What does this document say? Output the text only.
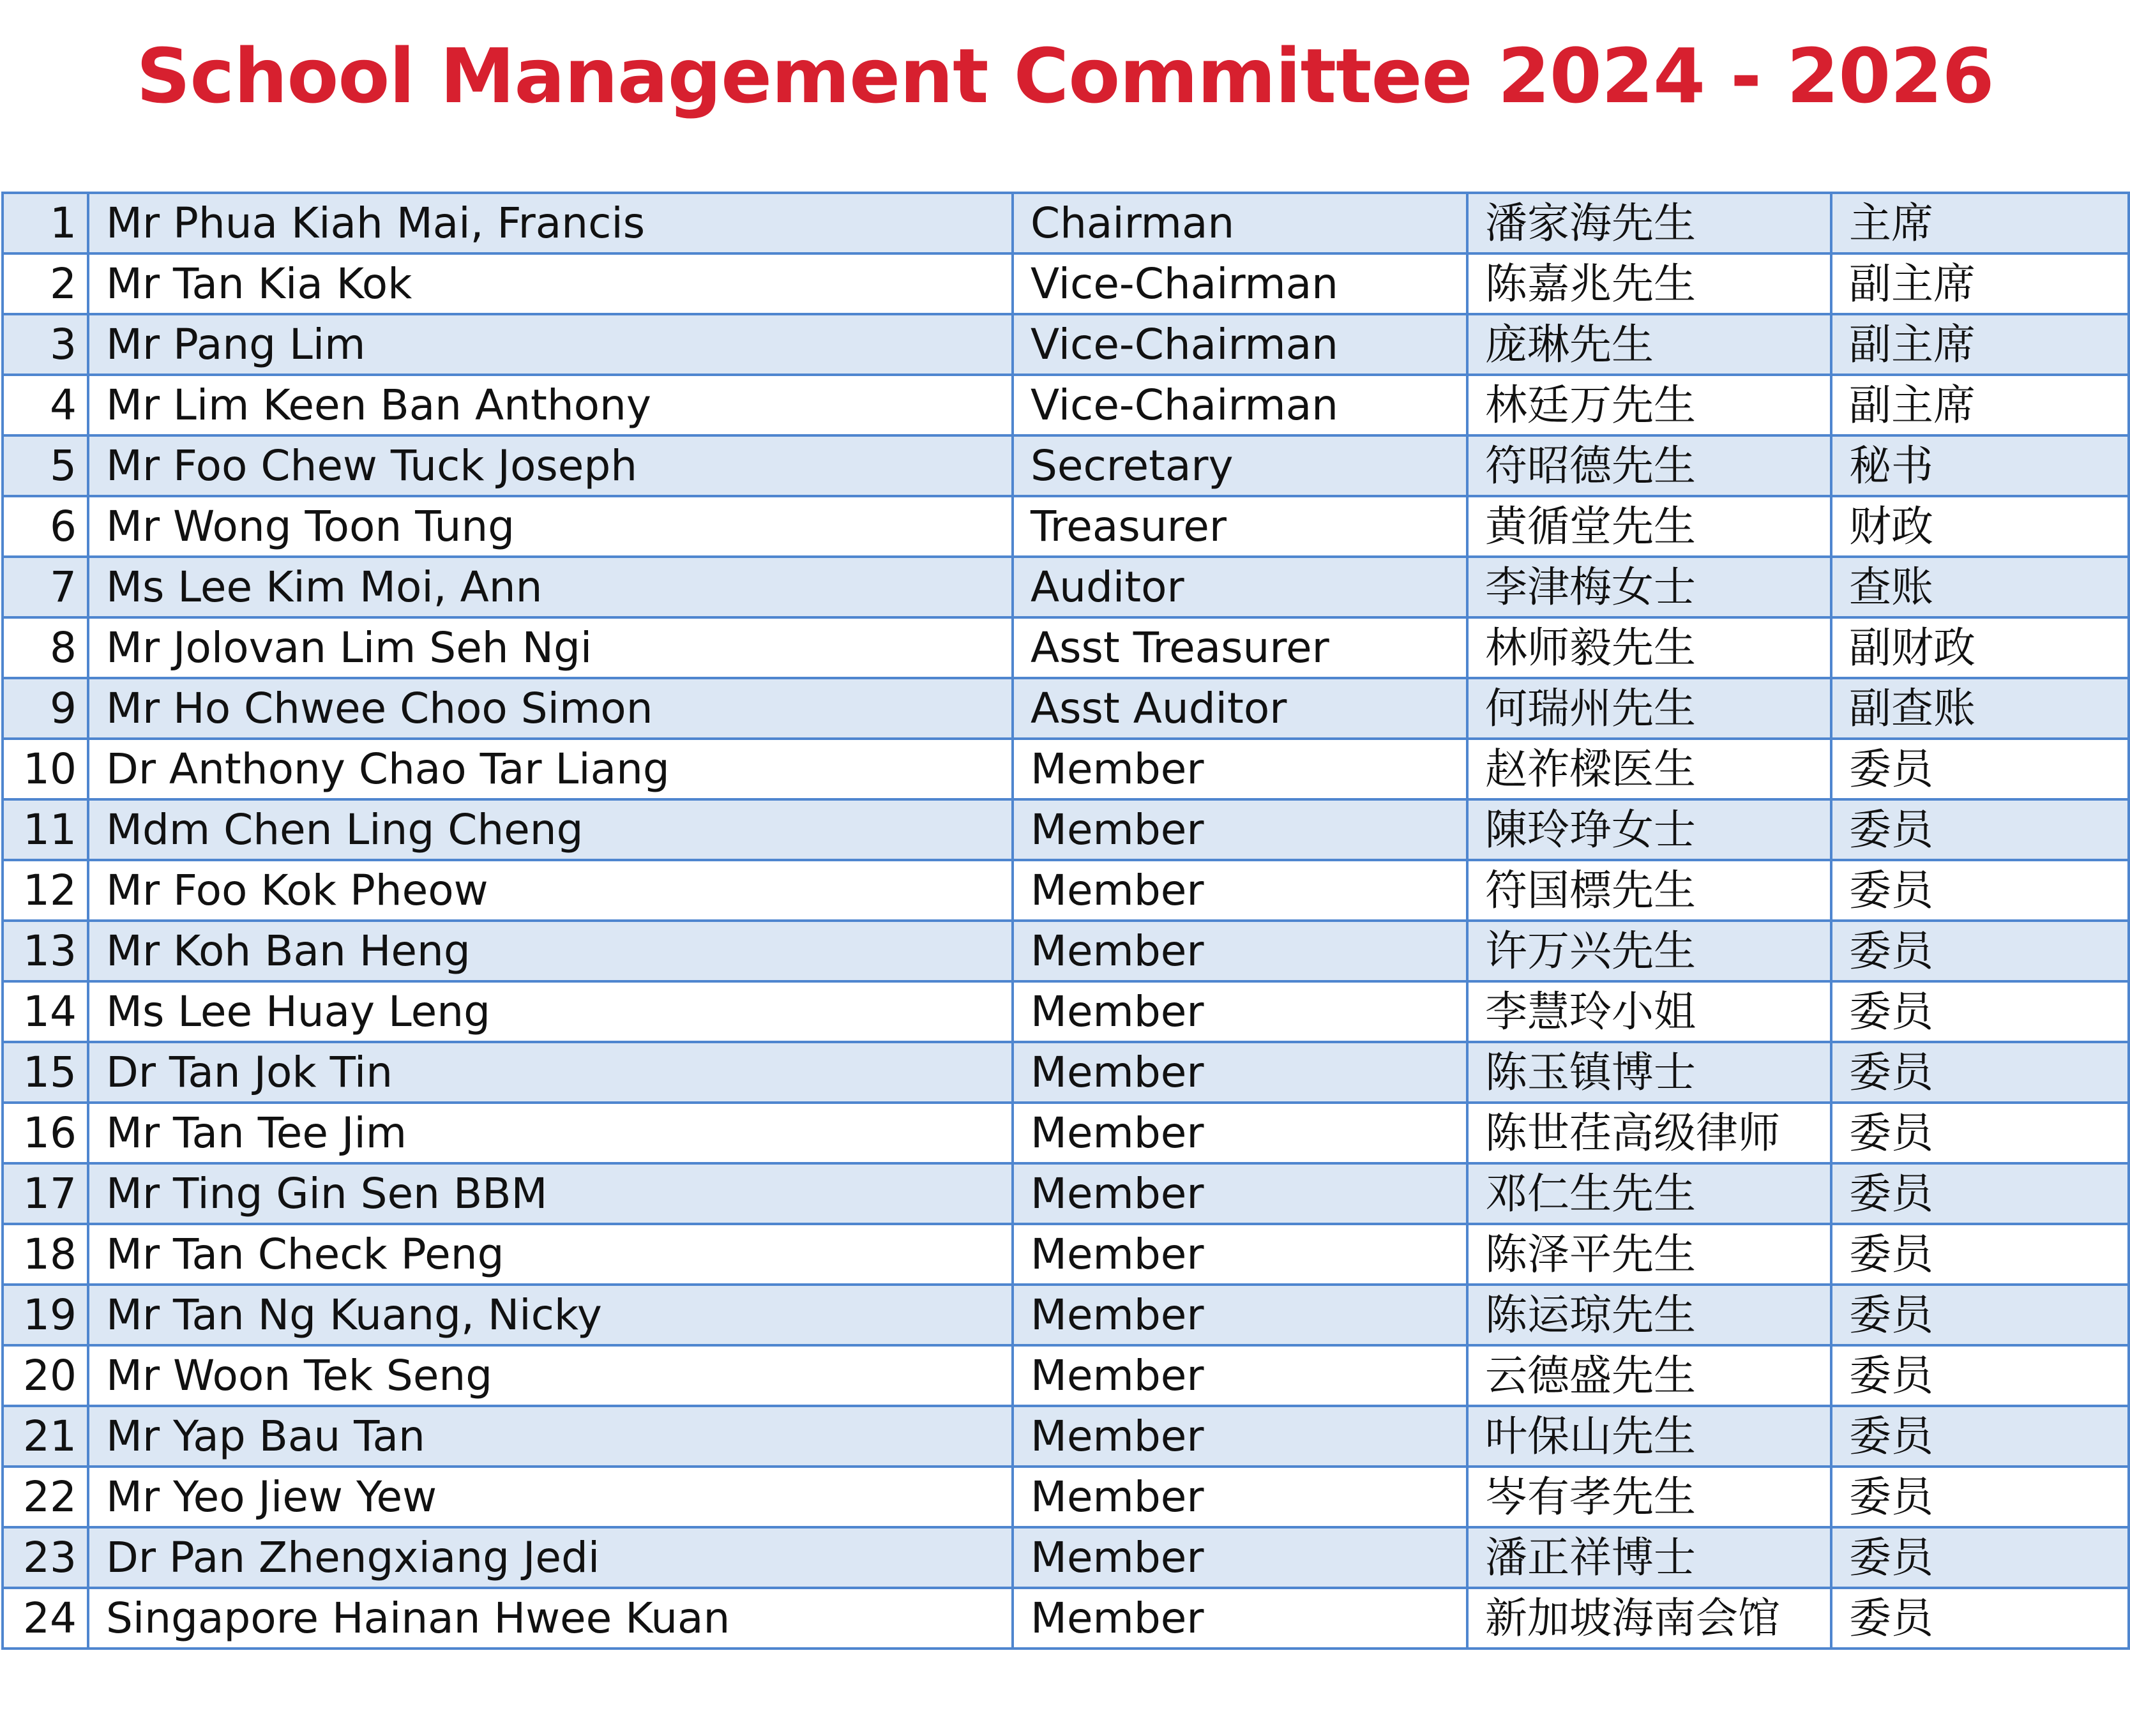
School Management Committee 2024 - 2026
1	Mr Phua Kiah Mai, Francis	Chairman	潘家海先生	主席
2	Mr Tan Kia Kok	Vice-Chairman	陈嘉兆先生	副主席
3	Mr Pang Lim	Vice-Chairman	庞琳先生	副主席
4	Mr Lim Keen Ban Anthony	Vice-Chairman	林廷万先生	副主席
5	Mr Foo Chew Tuck Joseph	Secretary	符昭德先生	秘书
6	Mr Wong Toon Tung	Treasurer	黄循堂先生	财政
7	Ms Lee Kim Moi, Ann	Auditor	李津梅女士	查账
8	Mr Jolovan Lim Seh Ngi	Asst Treasurer	林师毅先生	副财政
9	Mr Ho Chwee Choo Simon	Asst Auditor	何瑞州先生	副查账
10	Dr Anthony Chao Tar Liang	Member	赵祚樑医生	委员
11	Mdm Chen Ling Cheng	Member	陳玲琤女士	委员
12	Mr Foo Kok Pheow	Member	符国標先生	委员
13	Mr Koh Ban Heng	Member	许万兴先生	委员
14	Ms Lee Huay Leng	Member	李慧玲小姐	委员
15	Dr Tan Jok Tin	Member	陈玉镇博士	委员
16	Mr Tan Tee Jim	Member	陈世荏高级律师	委员
17	Mr Ting Gin Sen BBM	Member	邓仁生先生	委员
18	Mr Tan Check Peng	Member	陈泽平先生	委员
19	Mr Tan Ng Kuang, Nicky	Member	陈运琼先生	委员
20	Mr Woon Tek Seng	Member	云德盛先生	委员
21	Mr Yap Bau Tan	Member	叶保山先生	委员
22	Mr Yeo Jiew Yew	Member	岑有孝先生	委员
23	Dr Pan Zhengxiang Jedi	Member	潘正祥博士	委员
24	Singapore Hainan Hwee Kuan	Member	新加坡海南会馆	委员
